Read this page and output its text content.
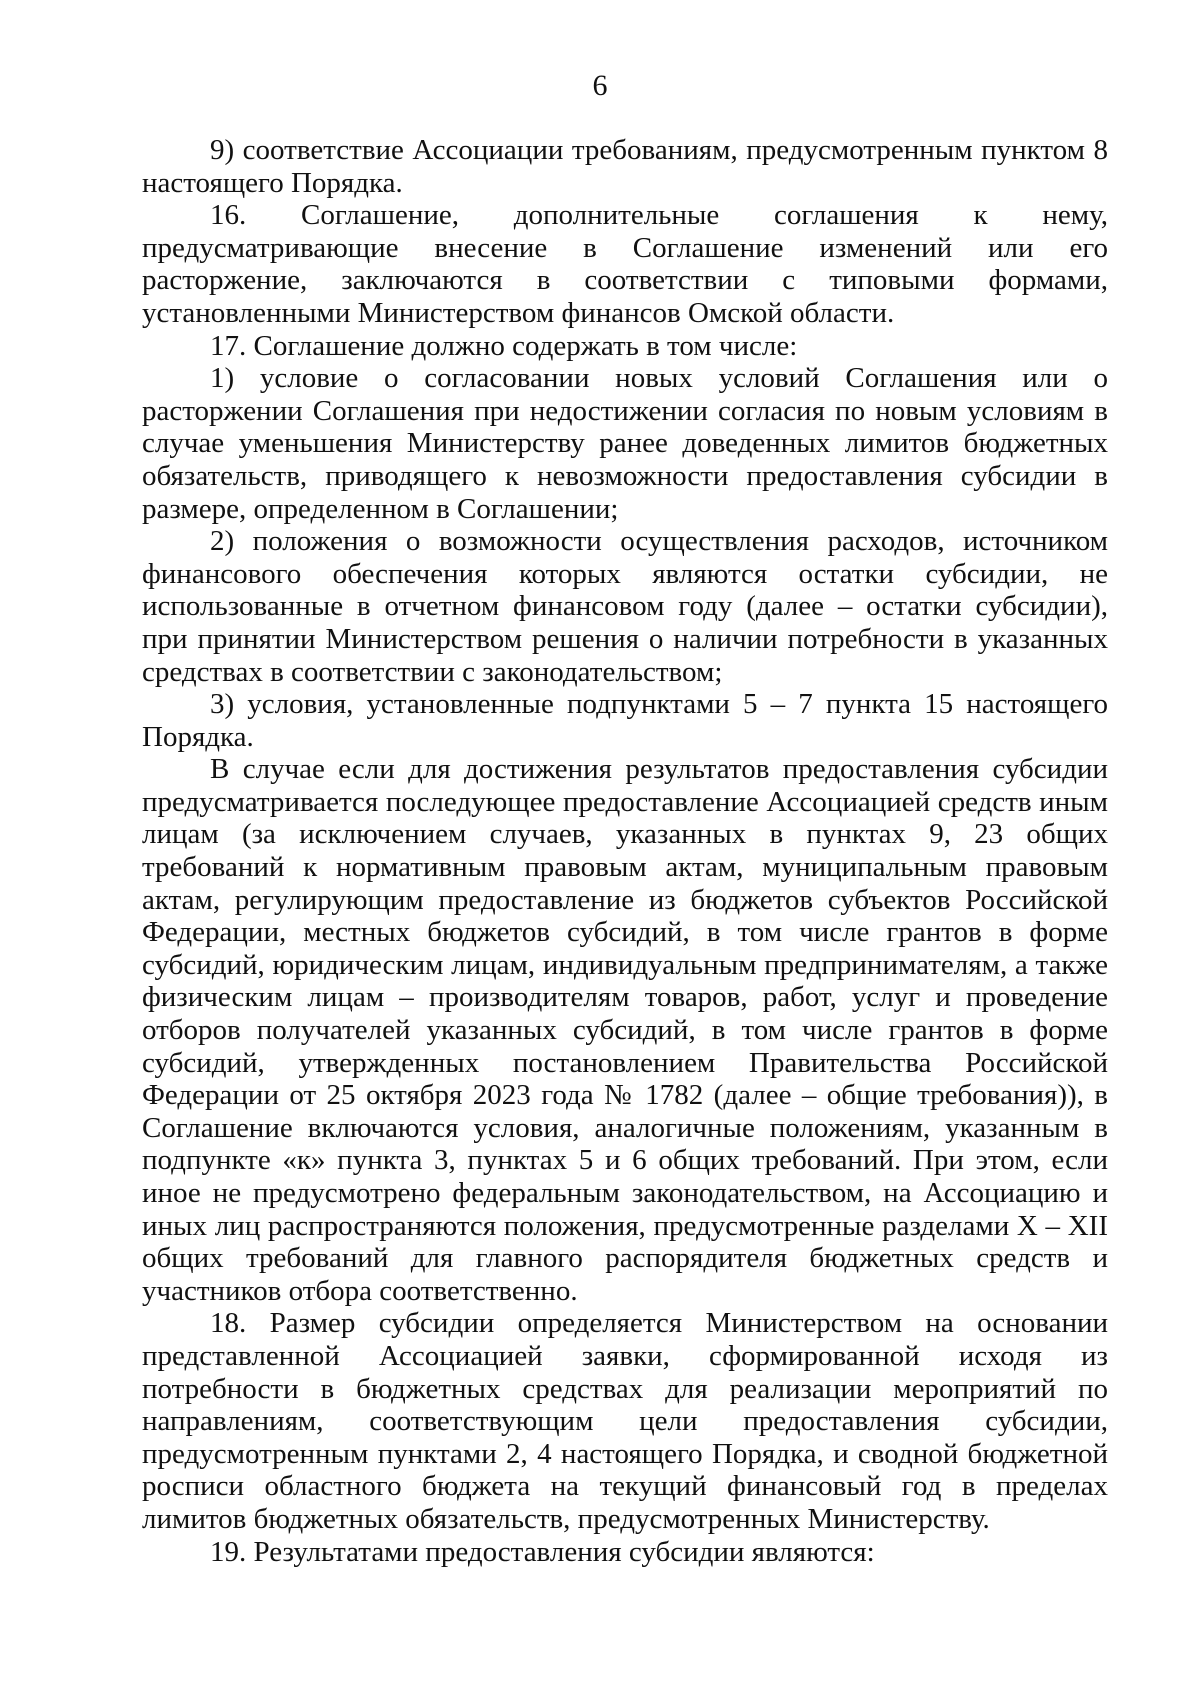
6

9) соответствие Ассоциации требованиям, предусмотренным пунктом 8 настоящего Порядка.

16. Соглашение, дополнительные соглашения к нему, предусматривающие внесение в Соглашение изменений или его расторжение, заключаются в соответствии с типовыми формами, установленными Министерством финансов Омской области.

17. Соглашение должно содержать в том числе:

1) условие о согласовании новых условий Соглашения или о расторжении Соглашения при недостижении согласия по новым условиям в случае уменьшения Министерству ранее доведенных лимитов бюджетных обязательств, приводящего к невозможности предоставления субсидии в размере, определенном в Соглашении;

2) положения о возможности осуществления расходов, источником финансового обеспечения которых являются остатки субсидии, не использованные в отчетном финансовом году (далее – остатки субсидии), при принятии Министерством решения о наличии потребности в указанных средствах в соответствии с законодательством;

3) условия, установленные подпунктами 5 – 7 пункта 15 настоящего Порядка.

В случае если для достижения результатов предоставления субсидии предусматривается последующее предоставление Ассоциацией средств иным лицам (за исключением случаев, указанных в пунктах 9, 23 общих требований к нормативным правовым актам, муниципальным правовым актам, регулирующим предоставление из бюджетов субъектов Российской Федерации, местных бюджетов субсидий, в том числе грантов в форме субсидий, юридическим лицам, индивидуальным предпринимателям, а также физическим лицам – производителям товаров, работ, услуг и проведение отборов получателей указанных субсидий, в том числе грантов в форме субсидий, утвержденных постановлением Правительства Российской Федерации от 25 октября 2023 года № 1782 (далее – общие требования)), в Соглашение включаются условия, аналогичные положениям, указанным в подпункте «к» пункта 3, пунктах 5 и 6 общих требований. При этом, если иное не предусмотрено федеральным законодательством, на Ассоциацию и иных лиц распространяются положения, предусмотренные разделами X – XII общих требований для главного распорядителя бюджетных средств и участников отбора соответственно.

18. Размер субсидии определяется Министерством на основании представленной Ассоциацией заявки, сформированной исходя из потребности в бюджетных средствах для реализации мероприятий по направлениям, соответствующим цели предоставления субсидии, предусмотренным пунктами 2, 4 настоящего Порядка, и сводной бюджетной росписи областного бюджета на текущий финансовый год в пределах лимитов бюджетных обязательств, предусмотренных Министерству.

19. Результатами предоставления субсидии являются:
